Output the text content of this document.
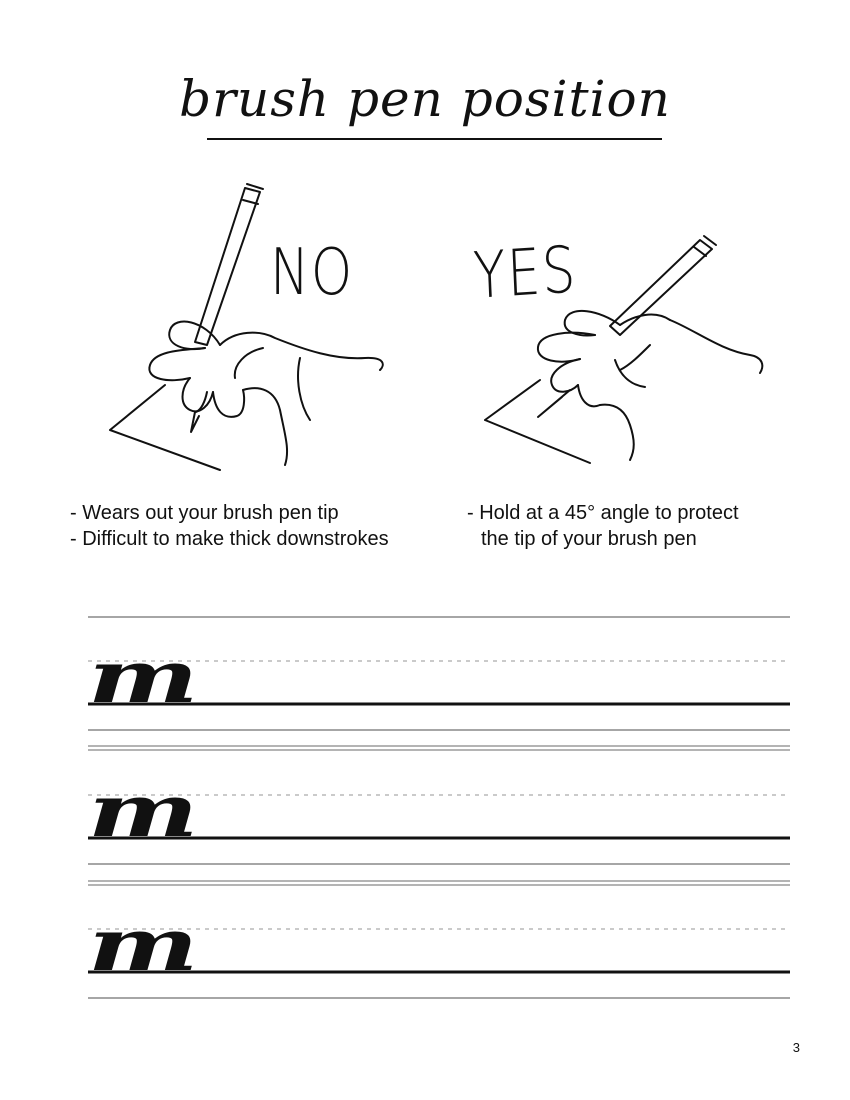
brush pen position
NO YES
- Wears out your brush pen tip
- Difficult to make thick downstrokes
- Hold at a 45° angle to protect
the tip of your brush pen
m
m
m
3
